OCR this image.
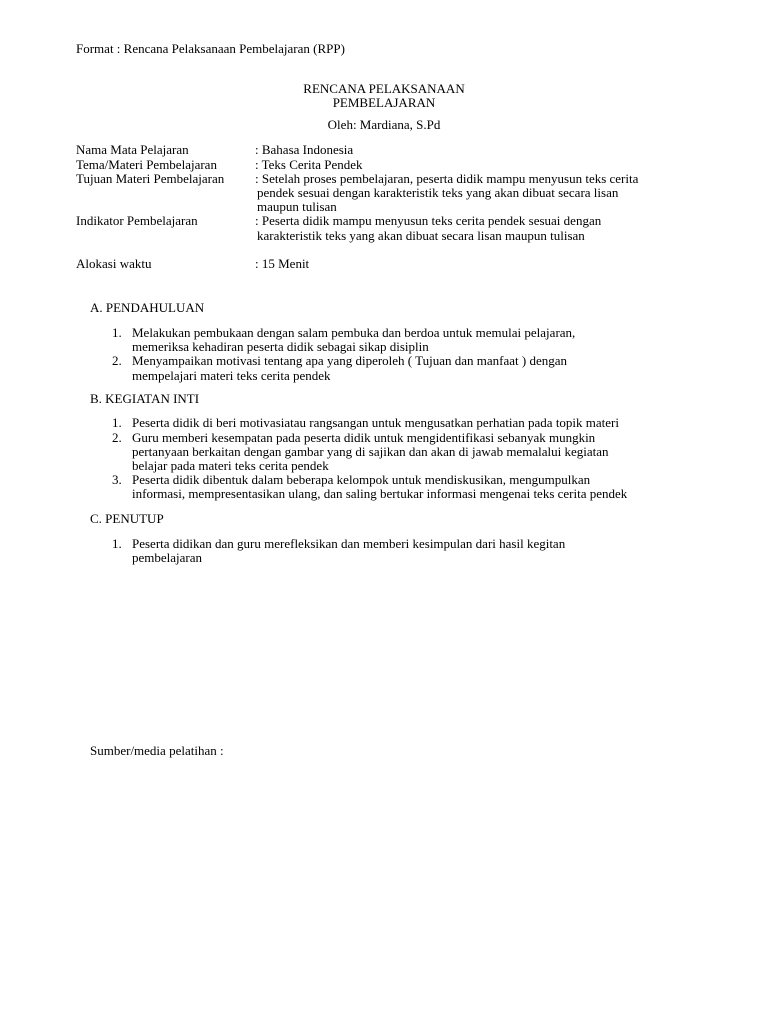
Format : Rencana Pelaksanaan Pembelajaran (RPP)
RENCANA PELAKSANAAN
PEMBELAJARAN
Oleh: Mardiana, S.Pd
Nama Mata Pelajaran	: Bahasa Indonesia
Tema/Materi Pembelajaran	: Teks Cerita Pendek
Tujuan Materi Pembelajaran : Setelah proses pembelajaran, peserta didik mampu menyusun teks cerita
pendek sesuai dengan karakteristik teks yang akan dibuat secara lisan
maupun tulisan
Indikator Pembelajaran	: Peserta didik mampu menyusun teks cerita pendek sesuai dengan
karakteristik teks yang akan dibuat secara lisan maupun tulisan
Alokasi waktu	: 15 Menit
A. PENDAHULUAN
1. Melakukan pembukaan dengan salam pembuka dan berdoa untuk memulai pelajaran,
memeriksa kehadiran peserta didik sebagai sikap disiplin
2. Menyampaikan motivasi tentang apa yang diperoleh ( Tujuan dan manfaat ) dengan
mempelajari materi teks cerita pendek
B. KEGIATAN INTI
1. Peserta didik di beri motivasiatau rangsangan untuk mengusatkan perhatian pada topik materi
2. Guru memberi kesempatan pada peserta didik untuk mengidentifikasi sebanyak mungkin
pertanyaan berkaitan dengan gambar yang di sajikan dan akan di jawab memalalui kegiatan
belajar pada materi teks cerita pendek
3. Peserta didik dibentuk dalam beberapa kelompok untuk mendiskusikan, mengumpulkan
informasi, mempresentasikan ulang, dan saling bertukar informasi mengenai teks cerita pendek
C. PENUTUP
1. Peserta didikan dan guru merefleksikan dan memberi kesimpulan dari hasil kegitan
pembelajaran
Sumber/media pelatihan :
